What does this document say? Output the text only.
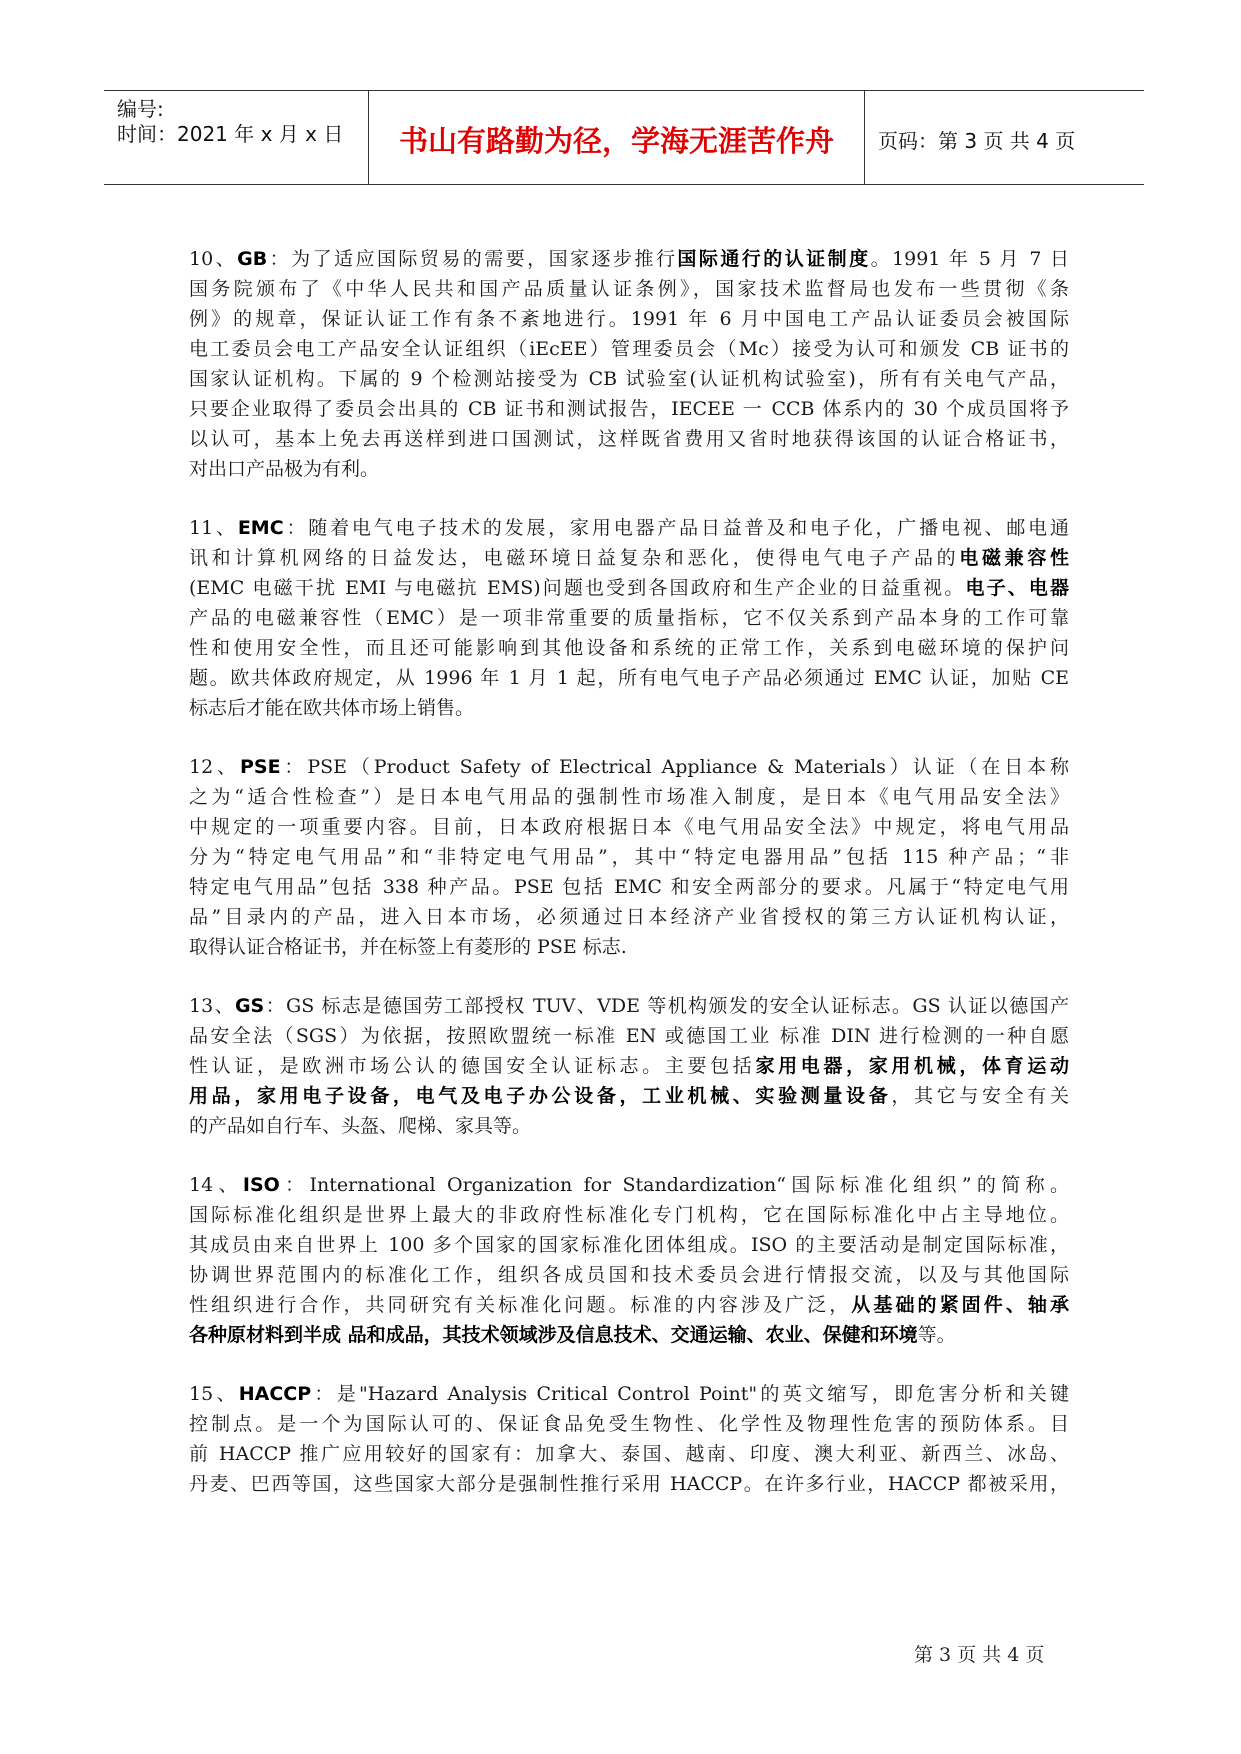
编号:
时间：2021 年 x 月 x 日	书山有路勤为径，学海无涯苦作舟	页码：第 3 页 共 4 页
10、GB：为了适应国际贸易的需要，国家逐步推行国际通行的认证制度。1991 年 5 月 7 日
国务院颁布了《中华人民共和国产品质量认证条例》，国家技术监督局也发布一些贯彻《条
例》的规章，保证认证工作有条不紊地进行。1991 年 6 月中国电工产品认证委员会被国际
电工委员会电工产品安全认证组织（iEcEE）管理委员会（Mc）接受为认可和颁发 CB 证书的
国家认证机构。下属的 9 个检测站接受为 CB 试验室(认证机构试验室)，所有有关电气产品，
只要企业取得了委员会出具的 CB 证书和测试报告，IECEE 一 CCB 体系内的 30 个成员国将予
以认可，基本上免去再送样到进口国测试，这样既省费用又省时地获得该国的认证合格证书，
对出口产品极为有利。
11、EMC：随着电气电子技术的发展，家用电器产品日益普及和电子化，广播电视、邮电通
讯和计算机网络的日益发达，电磁环境日益复杂和恶化，使得电气电子产品的电磁兼容性
(EMC 电磁干扰 EMI 与电磁抗 EMS)问题也受到各国政府和生产企业的日益重视。电子、电器
产品的电磁兼容性（EMC）是一项非常重要的质量指标，它不仅关系到产品本身的工作可靠
性和使用安全性，而且还可能影响到其他设备和系统的正常工作，关系到电磁环境的保护问
题。欧共体政府规定，从 1996 年 1 月 1 起，所有电气电子产品必须通过 EMC 认证，加贴 CE
标志后才能在欧共体市场上销售。
12、PSE：PSE（Product Safety of Electrical Appliance & Materials）认证（在日本称
之为“适合性检查”）是日本电气用品的强制性市场准入制度，是日本《电气用品安全法》
中规定的一项重要内容。目前，日本政府根据日本《电气用品安全法》中规定，将电气用品
分为“特定电气用品”和“非特定电气用品”，其中“特定电器用品”包括 115 种产品；“非
特定电气用品”包括 338 种产品。PSE 包括 EMC 和安全两部分的要求。凡属于“特定电气用
品”目录内的产品，进入日本市场，必须通过日本经济产业省授权的第三方认证机构认证，
取得认证合格证书，并在标签上有菱形的 PSE 标志.
13、GS：GS 标志是德国劳工部授权 TUV、VDE 等机构颁发的安全认证标志。GS 认证以德国产
品安全法（SGS）为依据，按照欧盟统一标准 EN 或德国工业 标准 DIN 进行检测的一种自愿
性认证，是欧洲市场公认的德国安全认证标志。主要包括家用电器，家用机械，体育运动
用品，家用电子设备，电气及电子办公设备，工业机械、实验测量设备，其它与安全有关
的产品如自行车、头盔、爬梯、家具等。
14、ISO：International Organization for Standardization“国际标准化组织”的简称。
国际标准化组织是世界上最大的非政府性标准化专门机构，它在国际标准化中占主导地位。
其成员由来自世界上 100 多个国家的国家标准化团体组成。ISO 的主要活动是制定国际标准，
协调世界范围内的标准化工作，组织各成员国和技术委员会进行情报交流，以及与其他国际
性组织进行合作，共同研究有关标准化问题。标准的内容涉及广泛，从基础的紧固件、轴承
各种原材料到半成 品和成品，其技术领域涉及信息技术、交通运输、农业、保健和环境等。
15、HACCP：是"Hazard Analysis Critical Control Point"的英文缩写，即危害分析和关键
控制点。是一个为国际认可的、保证食品免受生物性、化学性及物理性危害的预防体系。目
前 HACCP 推广应用较好的国家有：加拿大、泰国、越南、印度、澳大利亚、新西兰、冰岛、
丹麦、巴西等国，这些国家大部分是强制性推行采用 HACCP。在许多行业，HACCP 都被采用，
第 3 页 共 4 页
